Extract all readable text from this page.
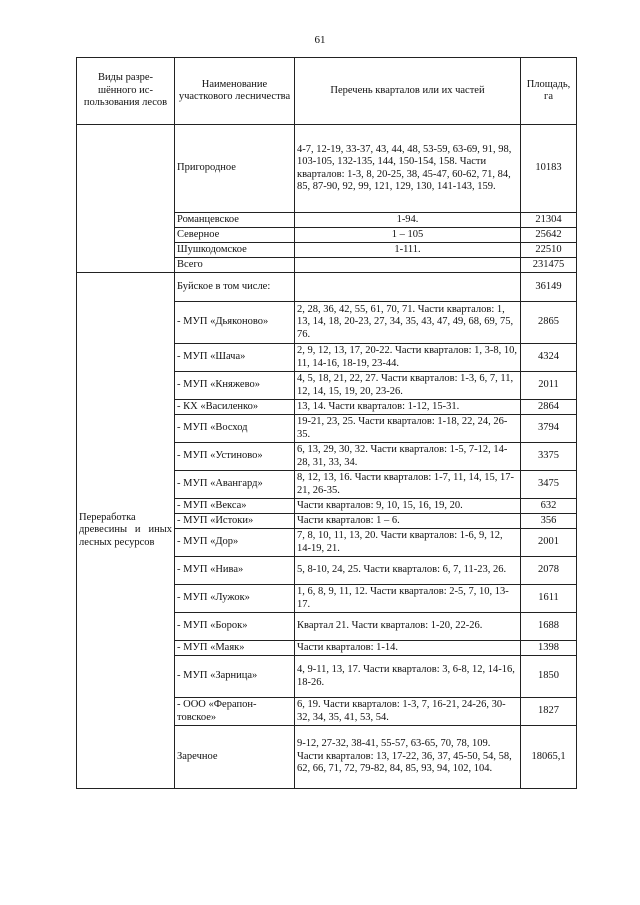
61
Виды разре-шённого ис-пользования лесов	Наименование участкового лесничества	Перечень кварталов или их частей	Площадь, га
	Пригородное	4-7, 12-19, 33-37, 43, 44, 48, 53-59, 63-69, 91, 98, 103-105, 132-135, 144, 150-154, 158. Части кварталов: 1-3, 8, 20-25, 38, 45-47, 60-62, 71, 84, 85, 87-90, 92, 99, 121, 129, 130, 141-143, 159.	10183
	Романцевское	1-94.	21304
	Северное	1 – 105	25642
	Шушкодомское	1-111.	22510
	Всего		231475
Переработка древесины и иных лесных ресурсов	Буйское в том числе:		36149
	- МУП «Дьяконово»	2, 28, 36, 42, 55, 61, 70, 71. Части кварталов: 1, 13, 14, 18, 20-23, 27, 34, 35, 43, 47, 49, 68, 69, 75, 76.	2865
	- МУП «Шача»	2, 9, 12, 13, 17, 20-22. Части кварталов: 1, 3-8, 10, 11, 14-16, 18-19, 23-44.	4324
	- МУП «Княжево»	4, 5, 18, 21, 22, 27. Части кварталов: 1-3, 6, 7, 11, 12, 14, 15, 19, 20, 23-26.	2011
	- КХ «Василенко»	13, 14. Части кварталов: 1-12, 15-31.	2864
	- МУП «Восход	19-21, 23, 25. Части кварталов: 1-18, 22, 24, 26-35.	3794
	- МУП «Устиново»	6, 13, 29, 30, 32. Части кварталов: 1-5, 7-12, 14-28, 31, 33, 34.	3375
	- МУП «Авангард»	8, 12, 13, 16. Части кварталов: 1-7, 11, 14, 15, 17-21, 26-35.	3475
	- МУП «Векса»	Части кварталов: 9, 10, 15, 16, 19, 20.	632
	- МУП «Истоки»	Части кварталов: 1 – 6.	356
	- МУП «Дор»	7, 8, 10, 11, 13, 20. Части кварталов: 1-6, 9, 12, 14-19, 21.	2001
	- МУП «Нива»	5, 8-10, 24, 25. Части кварталов: 6, 7, 11-23, 26.	2078
	- МУП «Лужок»	1, 6, 8, 9, 11, 12. Части кварталов: 2-5, 7, 10, 13-17.	1611
	- МУП «Борок»	Квартал 21. Части кварталов: 1-20, 22-26.	1688
	- МУП «Маяк»	Части кварталов: 1-14.	1398
	- МУП «Зарница»	4, 9-11, 13, 17. Части кварталов: 3, 6-8, 12, 14-16, 18-26.	1850
	- ООО «Ферапон-товское»	6, 19. Части кварталов: 1-3, 7, 16-21, 24-26, 30-32, 34, 35, 41, 53, 54.	1827
	Заречное	9-12, 27-32, 38-41, 55-57, 63-65, 70, 78, 109. Части кварталов: 13, 17-22, 36, 37, 45-50, 54, 58, 62, 66, 71, 72, 79-82, 84, 85, 93, 94, 102, 104.	18065,1
